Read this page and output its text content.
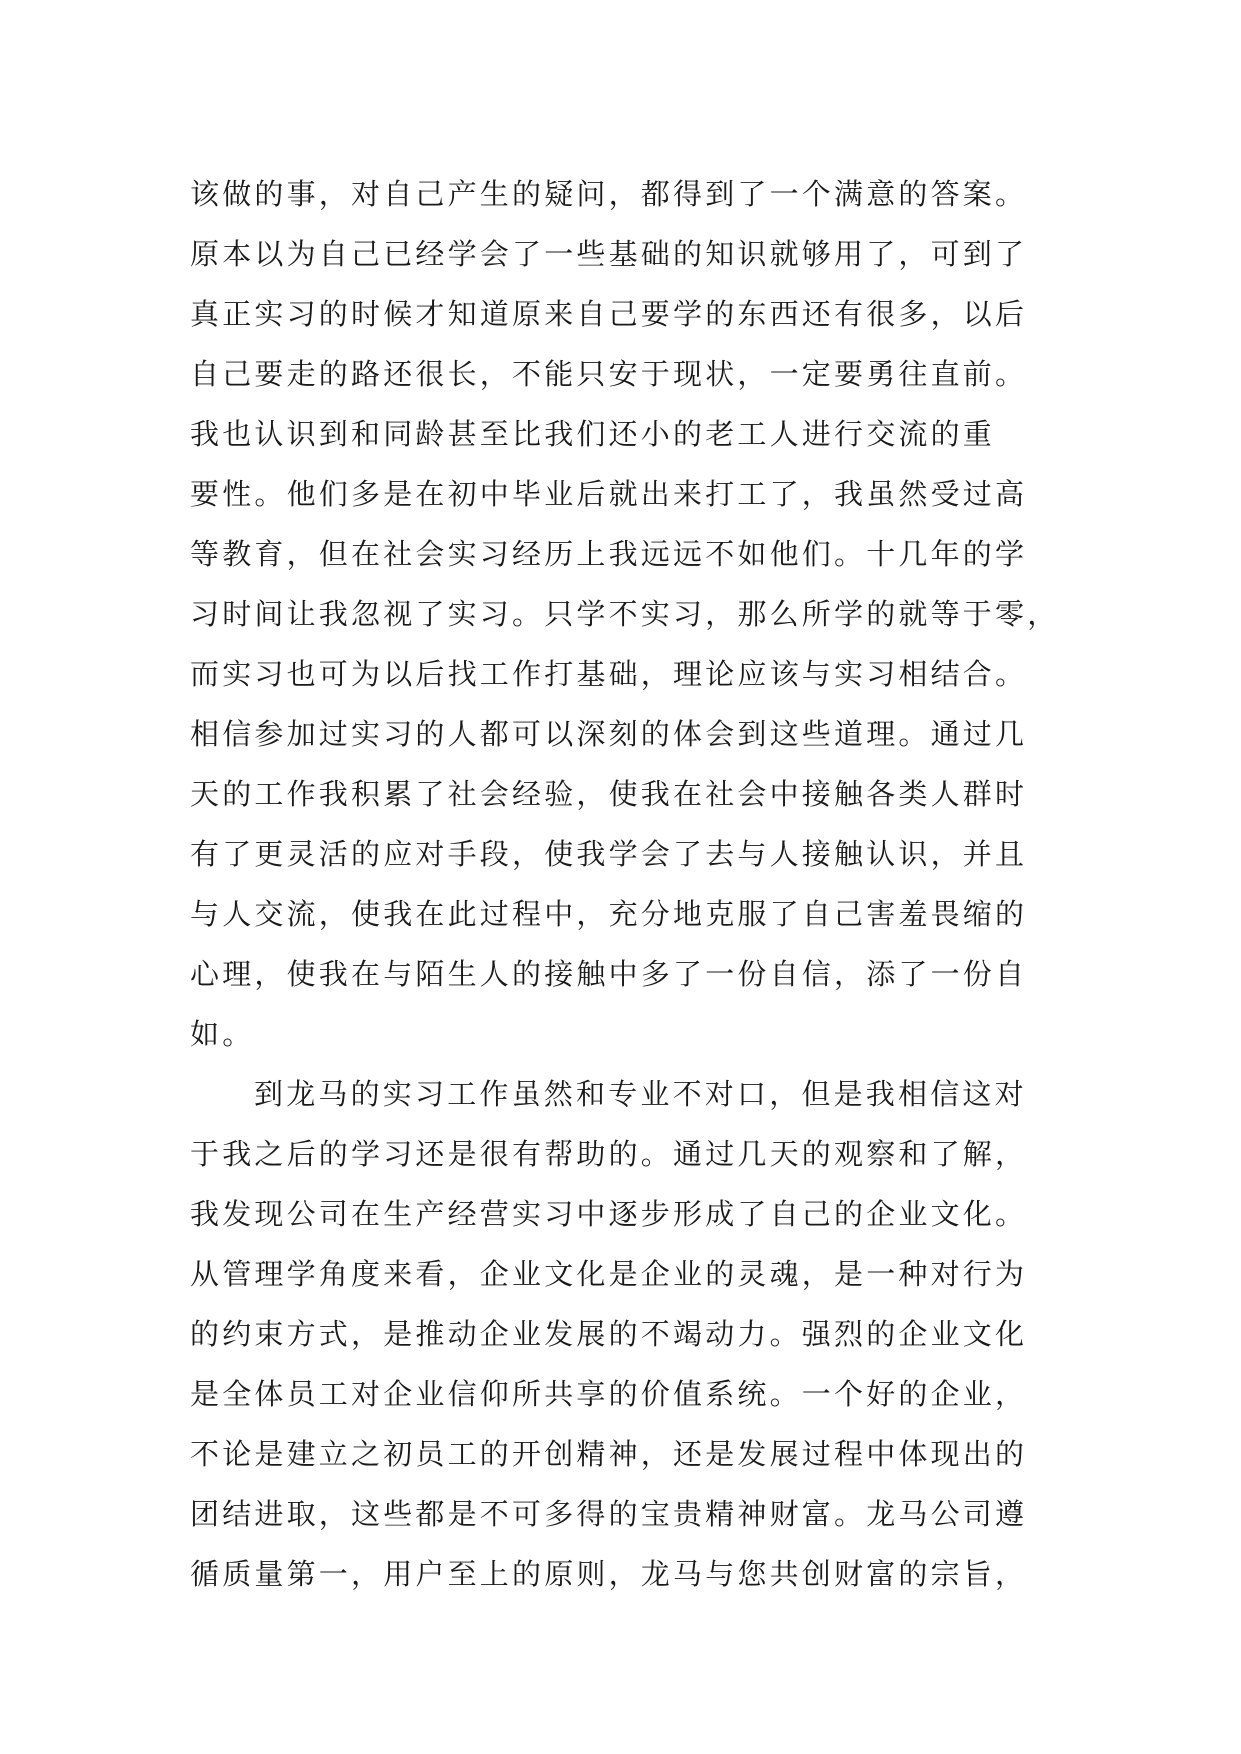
该做的事，对自己产生的疑问，都得到了一个满意的答案。
原本以为自己已经学会了一些基础的知识就够用了，可到了
真正实习的时候才知道原来自己要学的东西还有很多，以后
自己要走的路还很长，不能只安于现状，一定要勇往直前。
我也认识到和同龄甚至比我们还小的老工人进行交流的重
要性。他们多是在初中毕业后就出来打工了，我虽然受过高
等教育，但在社会实习经历上我远远不如他们。十几年的学
习时间让我忽视了实习。只学不实习，那么所学的就等于零，
而实习也可为以后找工作打基础，理论应该与实习相结合。
相信参加过实习的人都可以深刻的体会到这些道理。通过几
天的工作我积累了社会经验，使我在社会中接触各类人群时
有了更灵活的应对手段，使我学会了去与人接触认识，并且
与人交流，使我在此过程中，充分地克服了自己害羞畏缩的
心理，使我在与陌生人的接触中多了一份自信，添了一份自
如。
到龙马的实习工作虽然和专业不对口，但是我相信这对
于我之后的学习还是很有帮助的。通过几天的观察和了解，
我发现公司在生产经营实习中逐步形成了自己的企业文化。
从管理学角度来看，企业文化是企业的灵魂，是一种对行为
的约束方式，是推动企业发展的不竭动力。强烈的企业文化
是全体员工对企业信仰所共享的价值系统。一个好的企业，
不论是建立之初员工的开创精神，还是发展过程中体现出的
团结进取，这些都是不可多得的宝贵精神财富。龙马公司遵
循质量第一，用户至上的原则，龙马与您共创财富的宗旨，
